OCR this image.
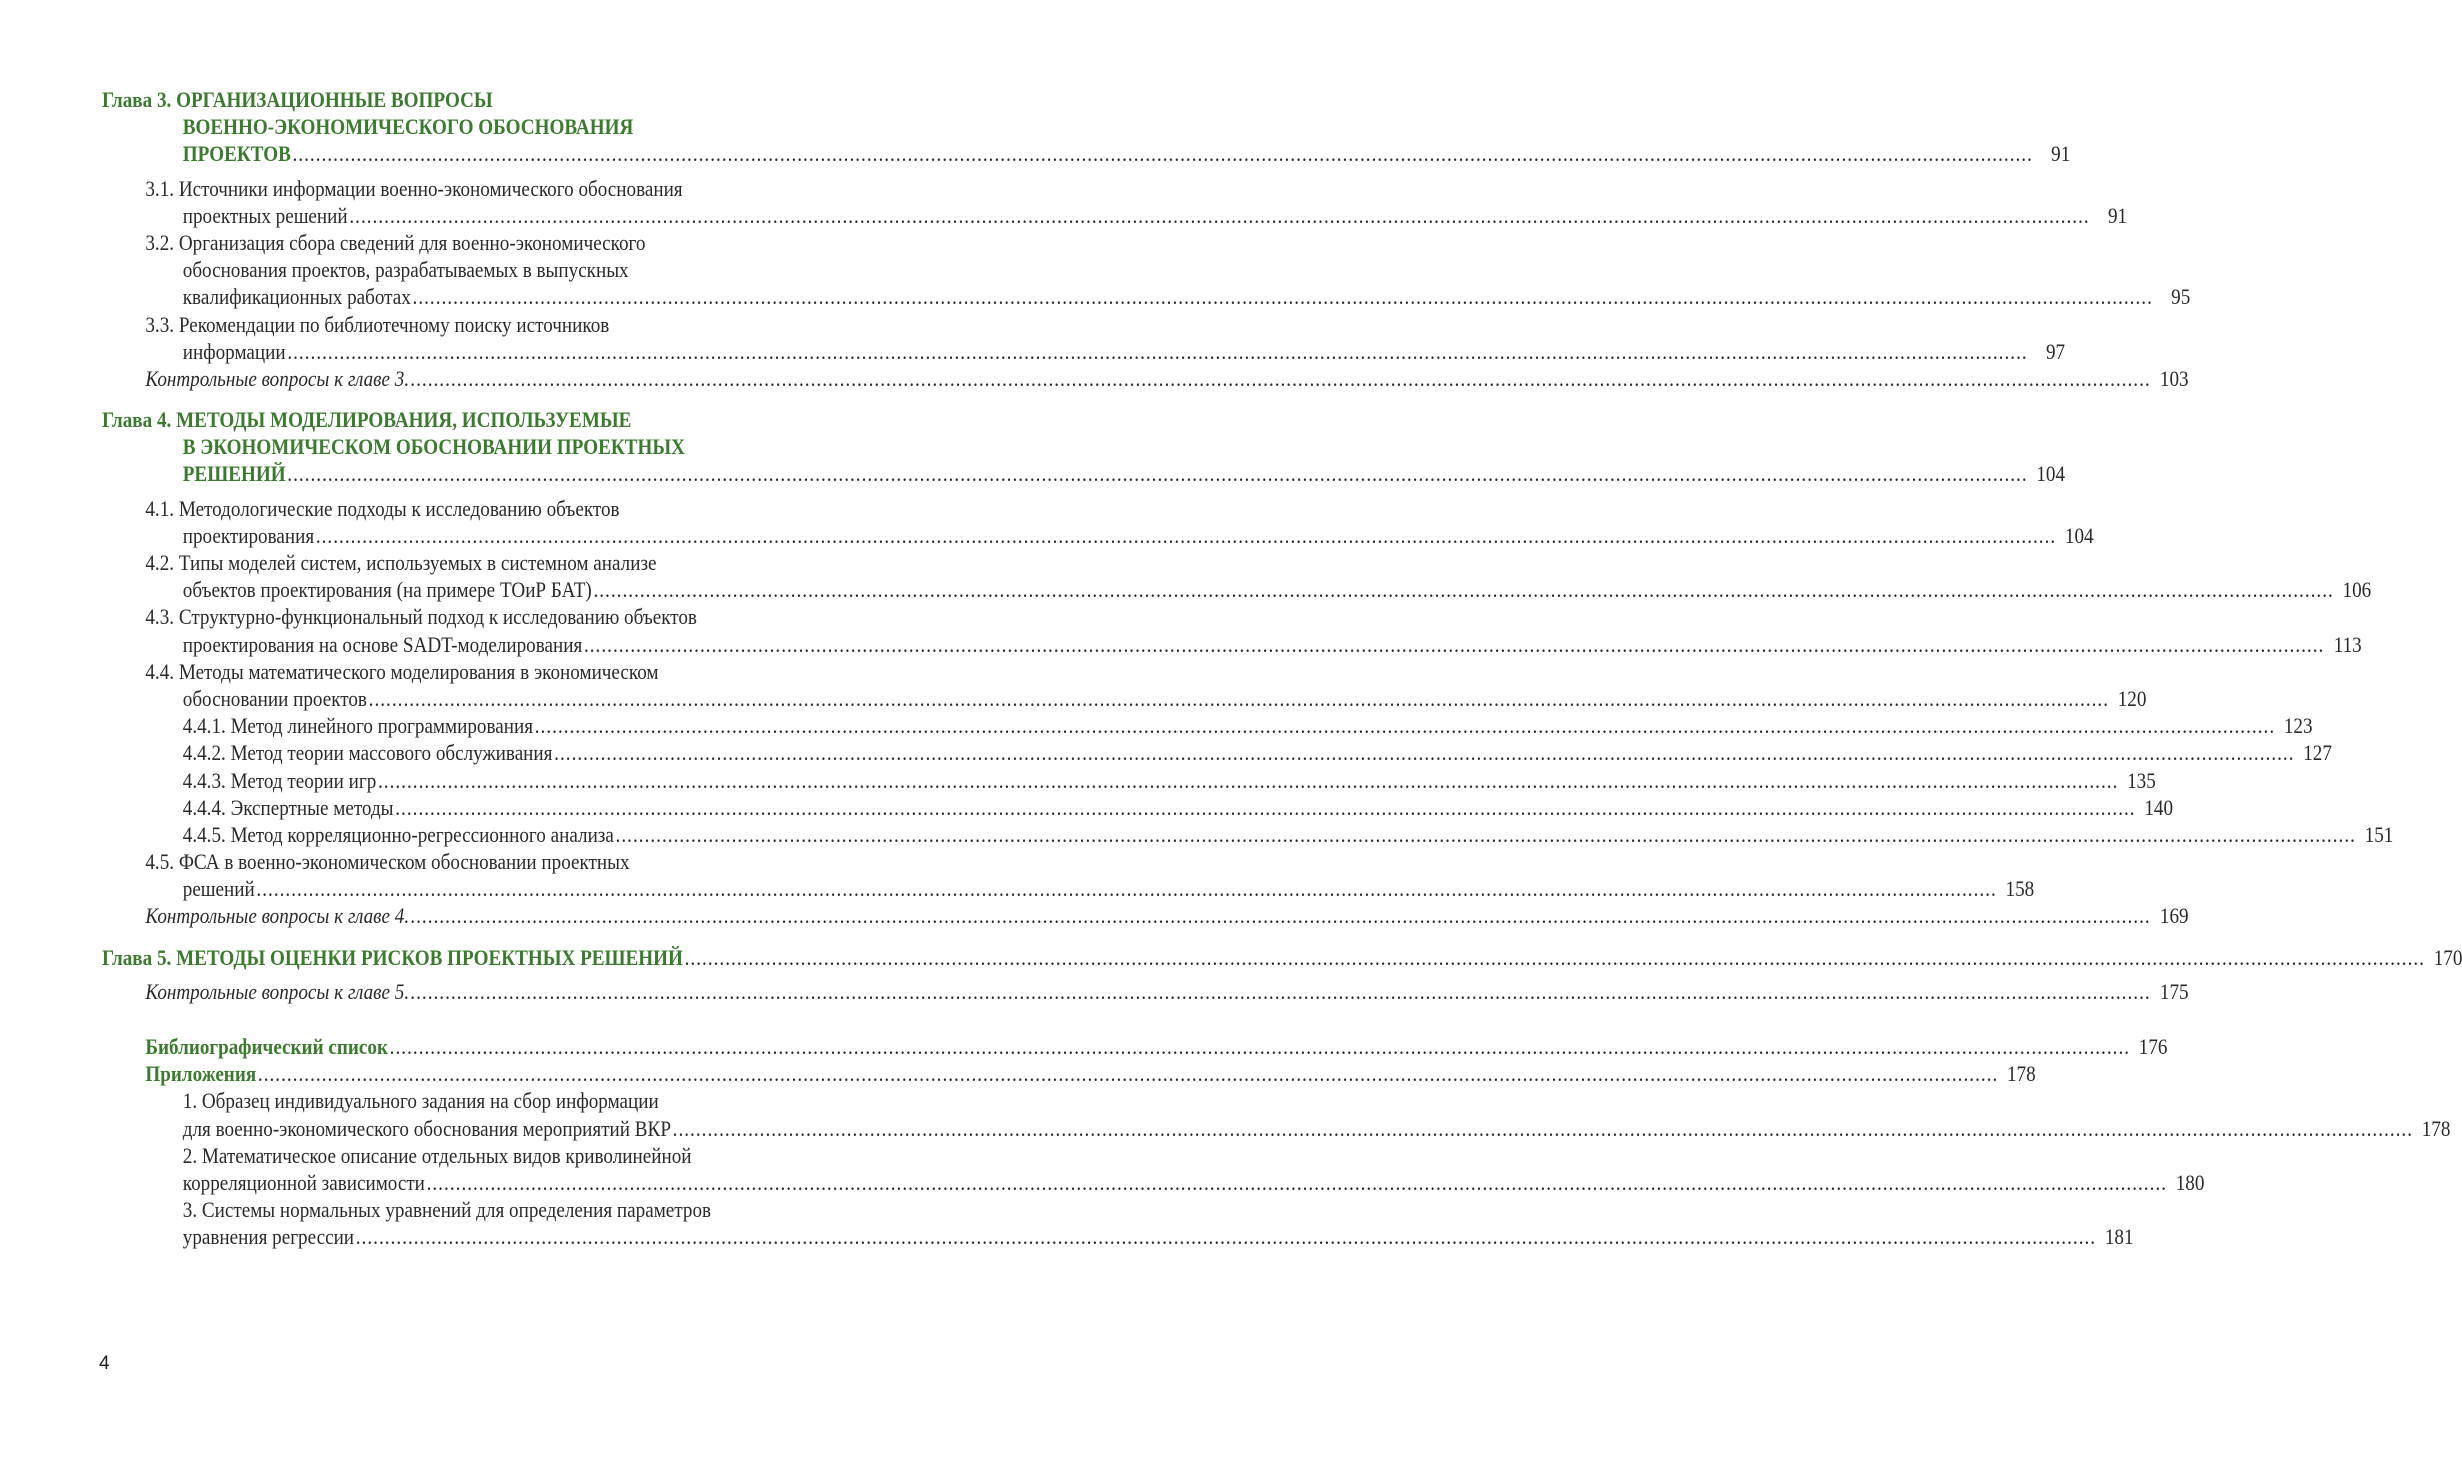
Глава 3. ОРГАНИЗАЦИОННЫЕ ВОПРОСЫ
ВОЕННО-ЭКОНОМИЧЕСКОГО ОБОСНОВАНИЯ
ПРОЕКТОВ ............................................................................................................................................................................................................................................................................................................ 91
3.1. Источники информации военно-экономического обоснования
проектных решений ............................................................................................................................................................................................................................................................................................................ 91
3.2. Организация сбора сведений для военно-экономического
обоснования проектов, разрабатываемых в выпускных
квалификационных работах ............................................................................................................................................................................................................................................................................................................ 95
3.3. Рекомендации по библиотечному поиску источников
информации ............................................................................................................................................................................................................................................................................................................ 97
Контрольные вопросы к главе 3. ............................................................................................................................................................................................................................................................................................................ 103
Глава 4. МЕТОДЫ МОДЕЛИРОВАНИЯ, ИСПОЛЬЗУЕМЫЕ
В ЭКОНОМИЧЕСКОМ ОБОСНОВАНИИ ПРОЕКТНЫХ
РЕШЕНИЙ ............................................................................................................................................................................................................................................................................................................ 104
4.1. Методологические подходы к исследованию объектов
проектирования ............................................................................................................................................................................................................................................................................................................ 104
4.2. Типы моделей систем, используемых в системном анализе
объектов проектирования (на примере ТОиР БАТ) ............................................................................................................................................................................................................................................................................................................ 106
4.3. Структурно-функциональный подход к исследованию объектов
проектирования на основе SADT-моделирования ............................................................................................................................................................................................................................................................................................................ 113
4.4. Методы математического моделирования в экономическом
обосновании проектов ............................................................................................................................................................................................................................................................................................................ 120
4.4.1. Метод линейного программирования ............................................................................................................................................................................................................................................................................................................ 123
4.4.2. Метод теории массового обслуживания ............................................................................................................................................................................................................................................................................................................ 127
4.4.3. Метод теории игр ............................................................................................................................................................................................................................................................................................................ 135
4.4.4. Экспертные методы ............................................................................................................................................................................................................................................................................................................ 140
4.4.5. Метод корреляционно-регрессионного анализа ............................................................................................................................................................................................................................................................................................................ 151
4.5. ФСА в военно-экономическом обосновании проектных
решений ............................................................................................................................................................................................................................................................................................................ 158
Контрольные вопросы к главе 4. ............................................................................................................................................................................................................................................................................................................ 169
Глава 5. МЕТОДЫ ОЦЕНКИ РИСКОВ ПРОЕКТНЫХ РЕШЕНИЙ ............................................................................................................................................................................................................................................................................................................ 170
Контрольные вопросы к главе 5. ............................................................................................................................................................................................................................................................................................................ 175
Библиографический список ............................................................................................................................................................................................................................................................................................................ 176
Приложения ............................................................................................................................................................................................................................................................................................................ 178
1. Образец индивидуального задания на сбор информации
для военно-экономического обоснования мероприятий ВКР ............................................................................................................................................................................................................................................................................................................ 178
2. Математическое описание отдельных видов криволинейной
корреляционной зависимости ............................................................................................................................................................................................................................................................................................................ 180
3. Системы нормальных уравнений для определения параметров
уравнения регрессии ............................................................................................................................................................................................................................................................................................................ 181
4
